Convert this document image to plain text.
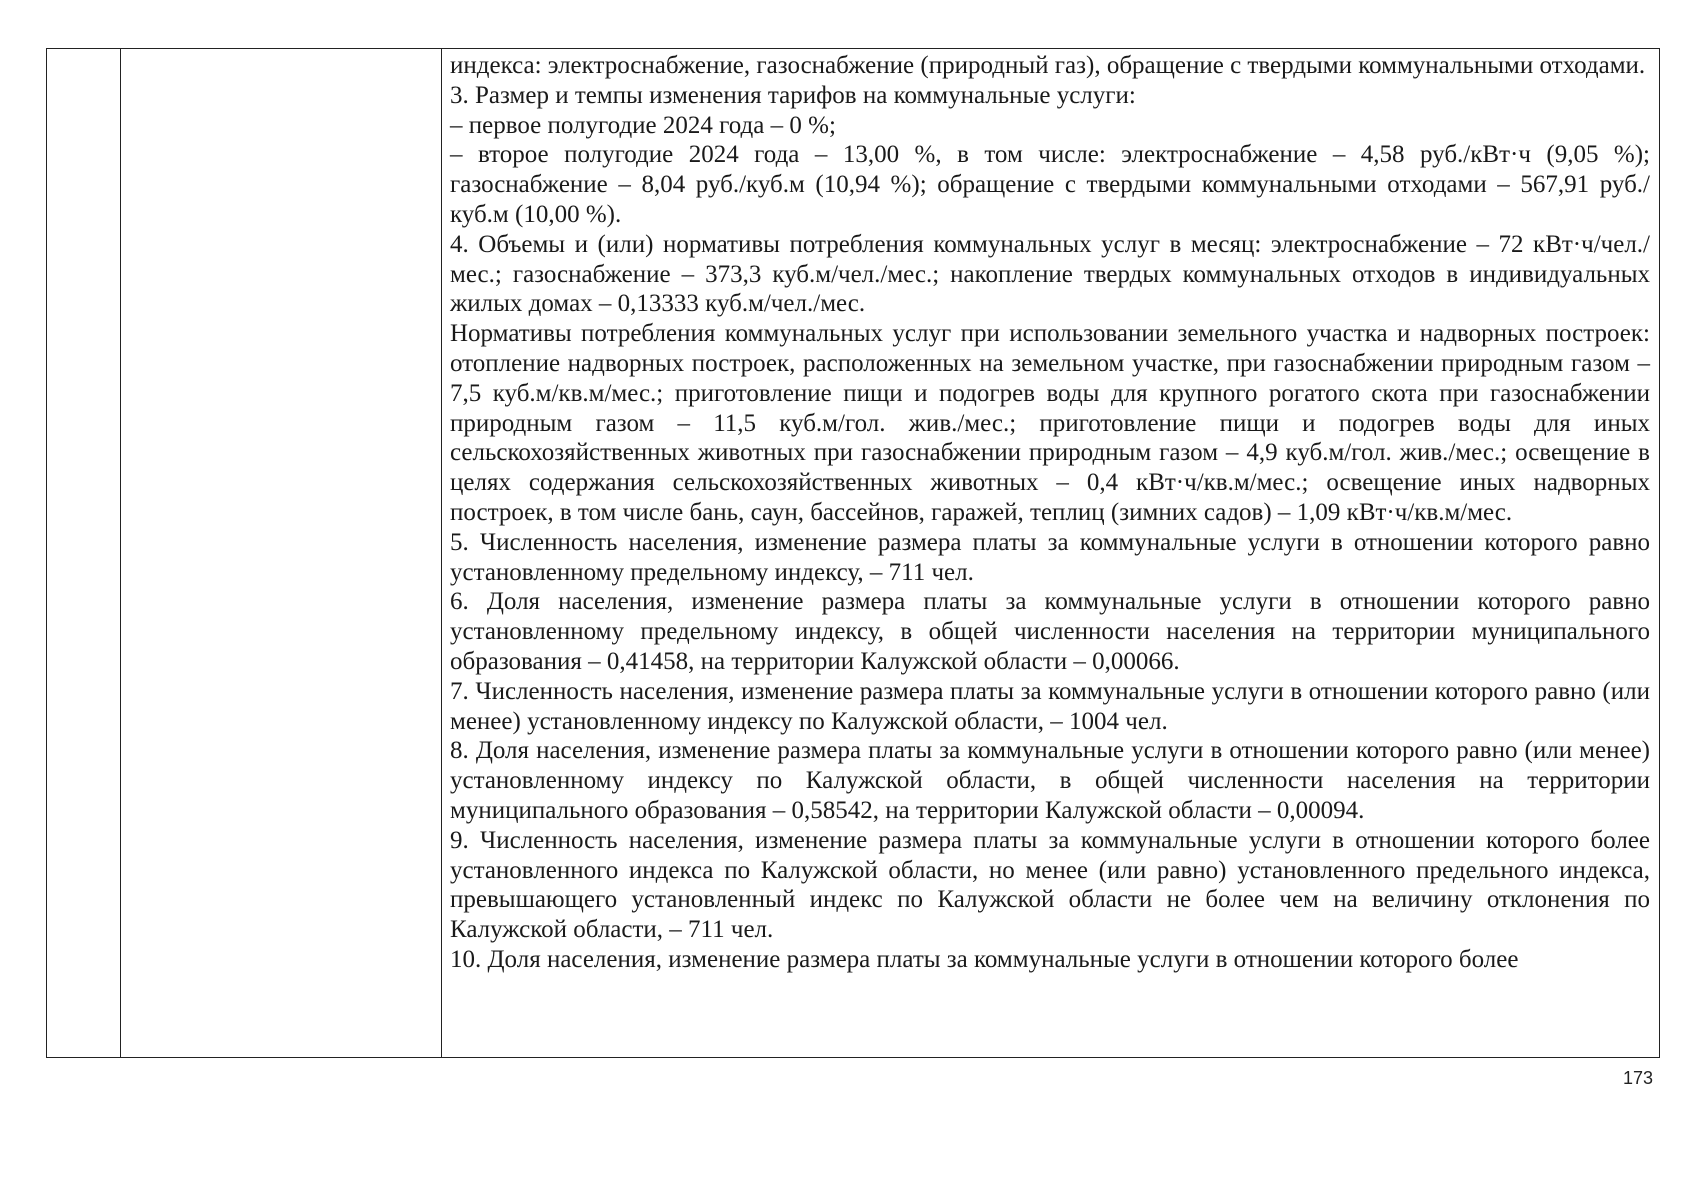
индекса: электроснабжение, газоснабжение (природный газ), обращение с твердыми коммунальными отходами.

3. Размер и темпы изменения тарифов на коммунальные услуги:

– первое полугодие 2024 года – 0 %;

– второе полугодие 2024 года – 13,00 %, в том числе: электроснабжение – 4,58 руб./кВт·ч (9,05 %); газоснабжение – 8,04 руб./куб.м (10,94 %); обращение с твердыми коммунальными отходами – 567,91 руб./куб.м (10,00 %).

4. Объемы и (или) нормативы потребления коммунальных услуг в месяц: электроснабжение – 72 кВт·ч/чел./мес.; газоснабжение – 373,3 куб.м/чел./мес.; накопление твердых коммунальных отходов в индивидуальных жилых домах – 0,13333 куб.м/чел./мес.

Нормативы потребления коммунальных услуг при использовании земельного участка и надворных построек: отопление надворных построек, расположенных на земельном участке, при газоснабжении природным газом – 7,5 куб.м/кв.м/мес.; приготовление пищи и подогрев воды для крупного рогатого скота при газоснабжении природным газом – 11,5 куб.м/гол. жив./мес.; приготовление пищи и подогрев воды для иных сельскохозяйственных животных при газоснабжении природным газом – 4,9 куб.м/гол. жив./мес.; освещение в целях содержания сельскохозяйственных животных – 0,4 кВт·ч/кв.м/мес.; освещение иных надворных построек, в том числе бань, саун, бассейнов, гаражей, теплиц (зимних садов) – 1,09 кВт·ч/кв.м/мес.

5. Численность населения, изменение размера платы за коммунальные услуги в отношении которого равно установленному предельному индексу, – 711 чел.

6. Доля населения, изменение размера платы за коммунальные услуги в отношении которого равно установленному предельному индексу, в общей численности населения на территории муниципального образования – 0,41458, на территории Калужской области – 0,00066.

7. Численность населения, изменение размера платы за коммунальные услуги в отношении которого равно (или менее) установленному индексу по Калужской области, – 1004 чел.

8. Доля населения, изменение размера платы за коммунальные услуги в отношении которого равно (или менее) установленному индексу по Калужской области, в общей численности населения на территории муниципального образования – 0,58542, на территории Калужской области – 0,00094.

9. Численность населения, изменение размера платы за коммунальные услуги в отношении которого более установленного индекса по Калужской области, но менее (или равно) установленного предельного индекса, превышающего установленный индекс по Калужской области не более чем на величину отклонения по Калужской области, – 711 чел.

10. Доля населения, изменение размера платы за коммунальные услуги в отношении которого более

173
